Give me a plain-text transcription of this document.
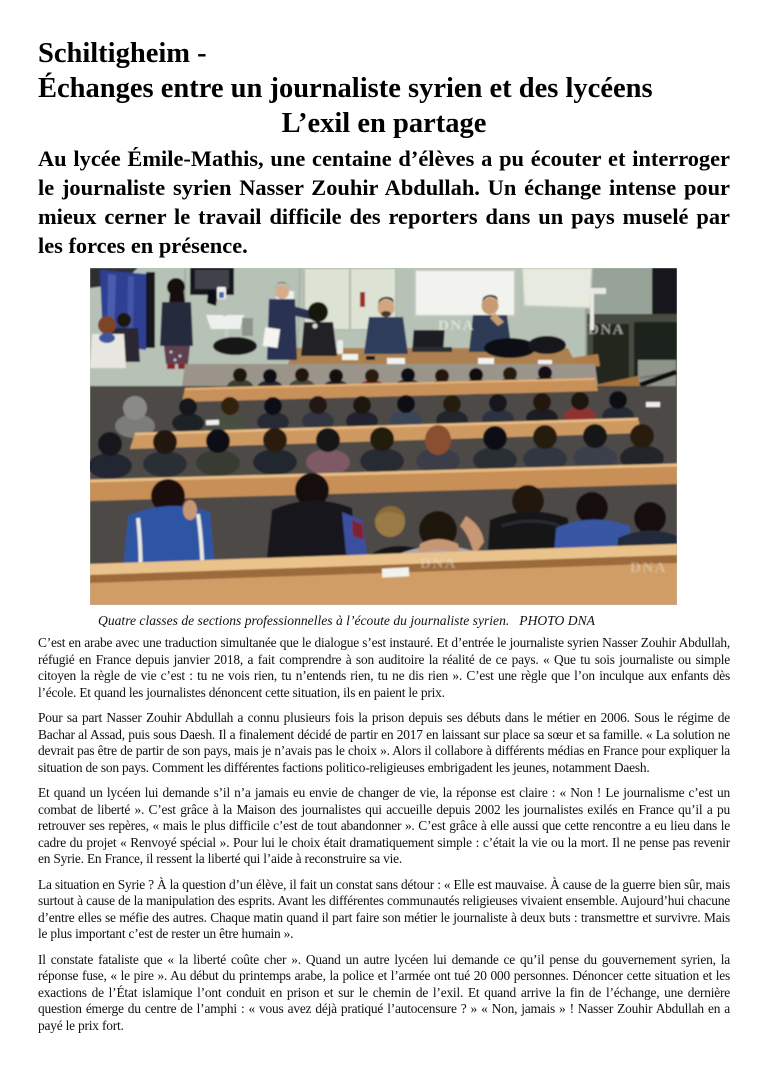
Schiltigheim -
Échanges entre un journaliste syrien et des lycéens
L’exil en partage

Au lycée Émile-Mathis, une centaine d’élèves a pu écouter et interroger le journaliste syrien Nasser Zouhir Abdullah. Un échange intense pour mieux cerner le travail difficile des reporters dans un pays muselé par les forces en présence.

DNA	DNA
DNA	DNA
Quatre classes de sections professionnelles à l’écoute du journaliste syrien. PHOTO DNA

C’est en arabe avec une traduction simultanée que le dialogue s’est instauré. Et d’entrée le journaliste syrien Nasser Zouhir Abdullah, réfugié en France depuis janvier 2018, a fait comprendre à son auditoire la réalité de ce pays. « Que tu sois journaliste ou simple citoyen la règle de vie c’est : tu ne vois rien, tu n’entends rien, tu ne dis rien ». C’est une règle que l’on inculque aux enfants dès l’école. Et quand les journalistes dénoncent cette situation, ils en paient le prix.

Pour sa part Nasser Zouhir Abdullah a connu plusieurs fois la prison depuis ses débuts dans le métier en 2006. Sous le régime de Bachar al Assad, puis sous Daesh. Il a finalement décidé de partir en 2017 en laissant sur place sa sœur et sa famille. « La solution ne devrait pas être de partir de son pays, mais je n’avais pas le choix ». Alors il collabore à différents médias en France pour expliquer la situation de son pays. Comment les différentes factions politico-religieuses embrigadent les jeunes, notamment Daesh.

Et quand un lycéen lui demande s’il n’a jamais eu envie de changer de vie, la réponse est claire : « Non ! Le journalisme c’est un combat de liberté ». C’est grâce à la Maison des journalistes qui accueille depuis 2002 les journalistes exilés en France qu’il a pu retrouver ses repères, « mais le plus difficile c’est de tout abandonner ». C’est grâce à elle aussi que cette rencontre a eu lieu dans le cadre du projet « Renvoyé spécial ». Pour lui le choix était dramatiquement simple : c’était la vie ou la mort. Il ne pense pas revenir en Syrie. En France, il ressent la liberté qui l’aide à reconstruire sa vie.

La situation en Syrie ? À la question d’un élève, il fait un constat sans détour : « Elle est mauvaise. À cause de la guerre bien sûr, mais surtout à cause de la manipulation des esprits. Avant les différentes communautés religieuses vivaient ensemble. Aujourd’hui chacune d’entre elles se méfie des autres. Chaque matin quand il part faire son métier le journaliste à deux buts : transmettre et survivre. Mais le plus important c’est de rester un être humain ».

Il constate fataliste que « la liberté coûte cher ». Quand un autre lycéen lui demande ce qu’il pense du gouvernement syrien, la réponse fuse, « le pire ». Au début du printemps arabe, la police et l’armée ont tué 20 000 personnes. Dénoncer cette situation et les exactions de l’État islamique l’ont conduit en prison et sur le chemin de l’exil. Et quand arrive la fin de l’échange, une dernière question émerge du centre de l’amphi : « vous avez déjà pratiqué l’autocensure ? » « Non, jamais » ! Nasser Zouhir Abdullah en a payé le prix fort.
